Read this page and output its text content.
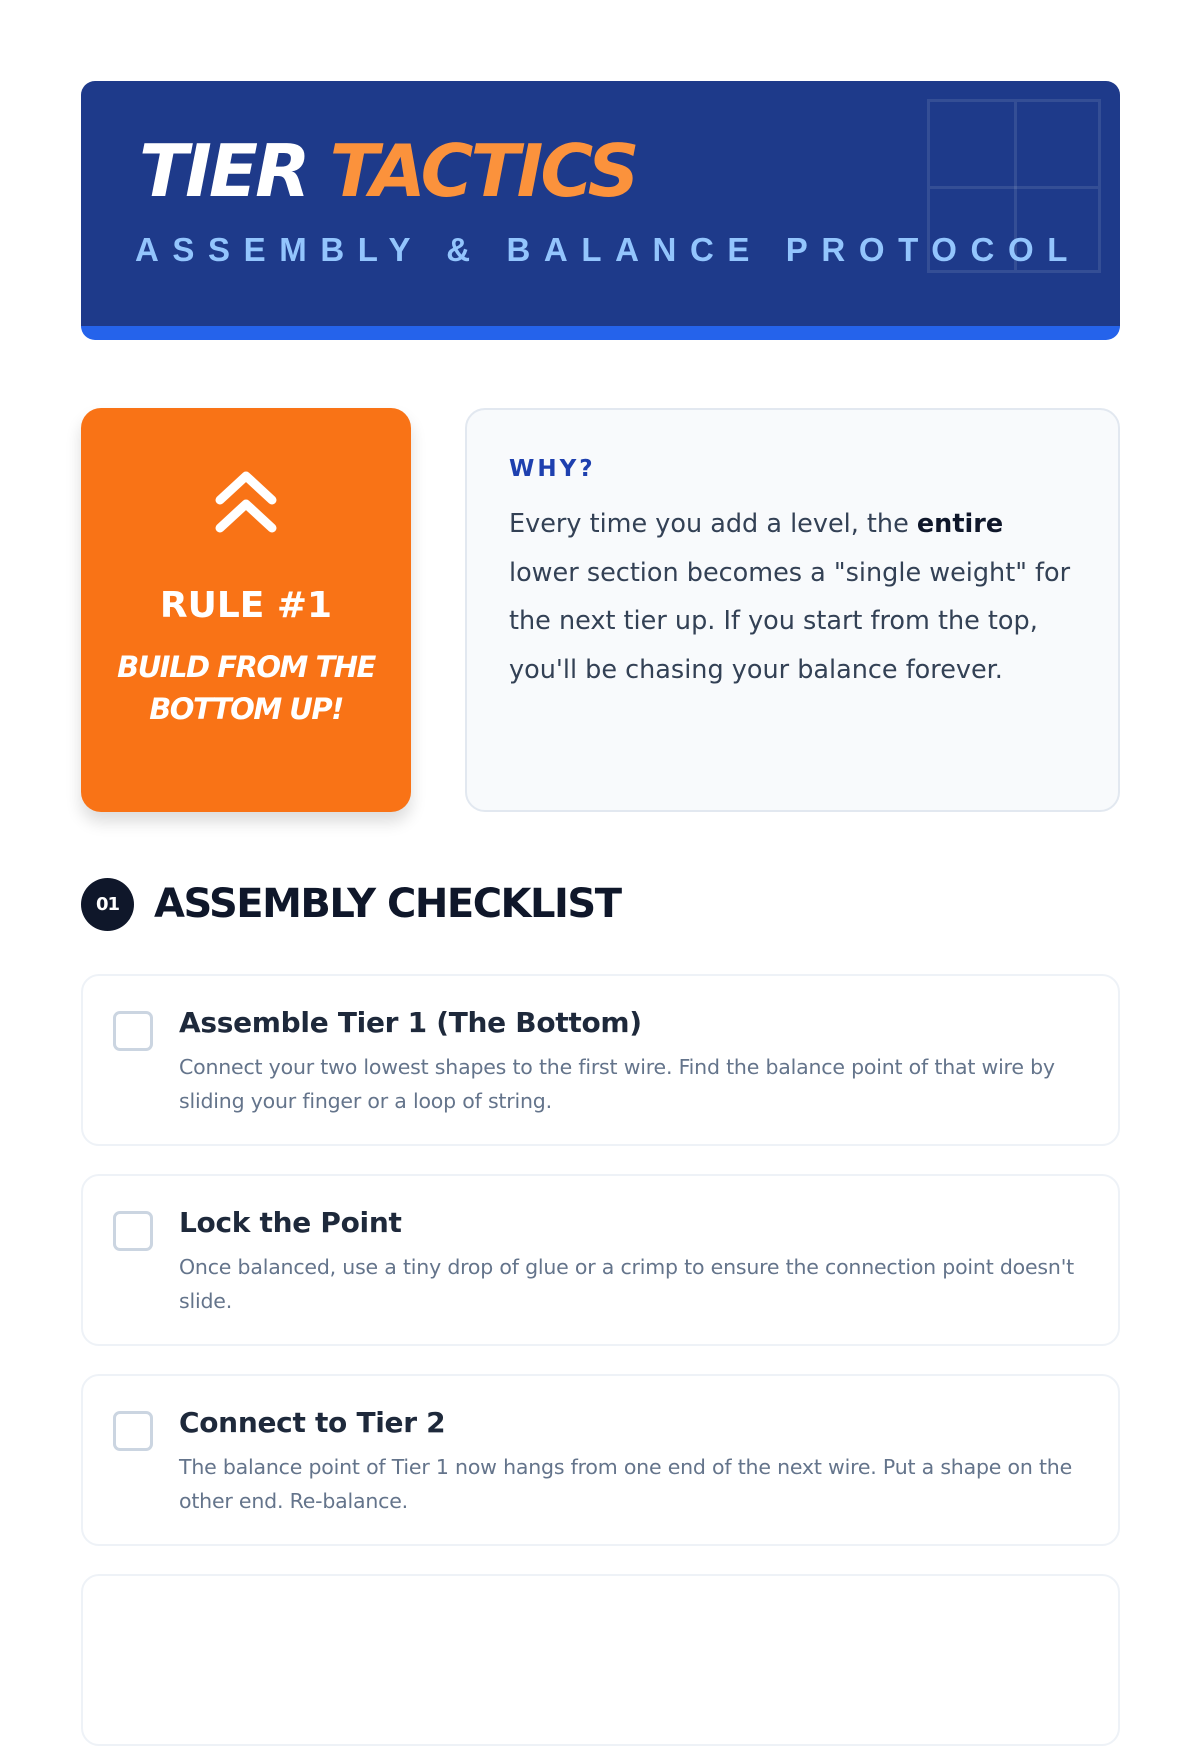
TIER TACTICS
ASSEMBLY & BALANCE PROTOCOL
RULE #1
BUILD FROM THE BOTTOM UP!
WHY?
Every time you add a level, the entire lower section becomes a "single weight" for the next tier up. If you start from the top, you'll be chasing your balance forever.
01 ASSEMBLY CHECKLIST
Assemble Tier 1 (The Bottom)
Connect your two lowest shapes to the first wire. Find the balance point of that wire by sliding your finger or a loop of string.
Lock the Point
Once balanced, use a tiny drop of glue or a crimp to ensure the connection point doesn't slide.
Connect to Tier 2
The balance point of Tier 1 now hangs from one end of the next wire. Put a shape on the other end. Re-balance.
